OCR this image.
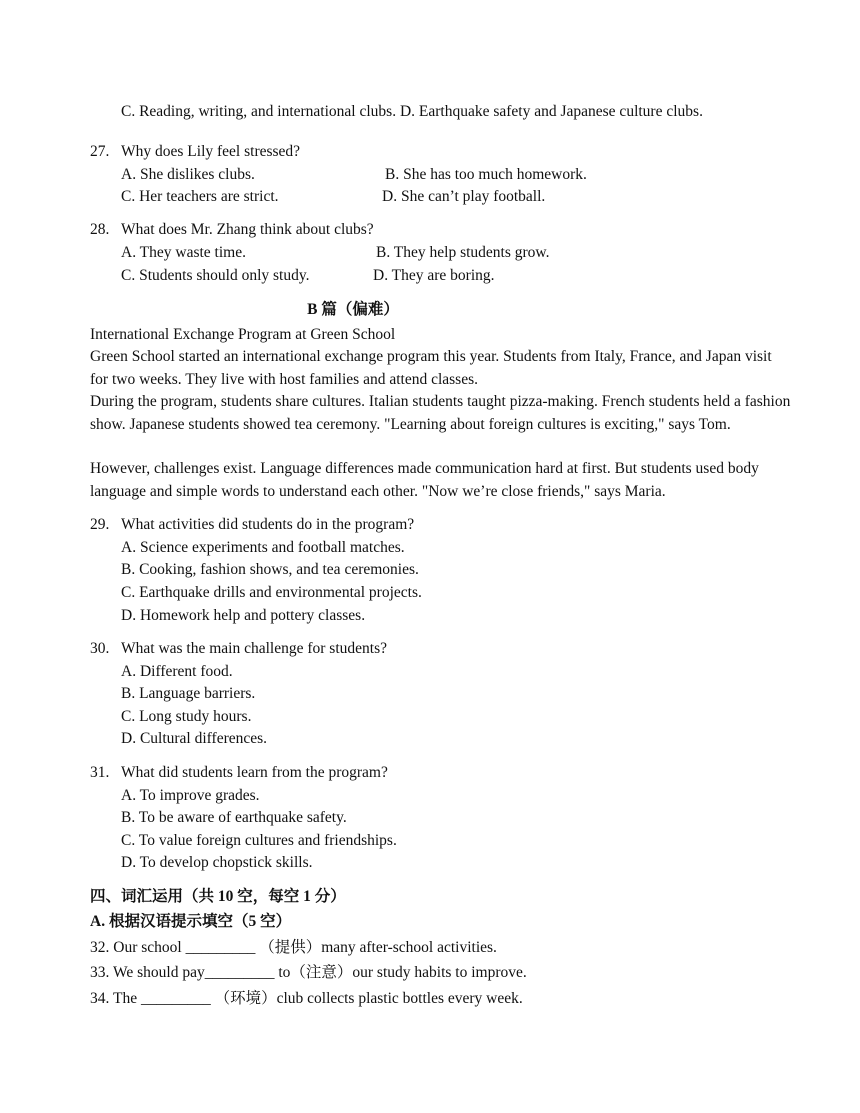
C. Reading, writing, and international clubs. D. Earthquake safety and Japanese culture clubs.
27. Why does Lily feel stressed?
A. She dislikes clubs.	B. She has too much homework.
C. Her teachers are strict.	D. She can’t play football.
28. What does Mr. Zhang think about clubs?
A. They waste time.	B. They help students grow.
C. Students should only study.	D. They are boring.
B 篇（偏难）
International Exchange Program at Green School
Green School started an international exchange program this year. Students from Italy, France, and Japan visit for two weeks. They live with host families and attend classes.
During the program, students share cultures. Italian students taught pizza-making. French students held a fashion show. Japanese students showed tea ceremony. "Learning about foreign cultures is exciting," says Tom.
However, challenges exist. Language differences made communication hard at first. But students used body language and simple words to understand each other. "Now we’re close friends," says Maria.
29. What activities did students do in the program?
A. Science experiments and football matches.
B. Cooking, fashion shows, and tea ceremonies.
C. Earthquake drills and environmental projects.
D. Homework help and pottery classes.
30. What was the main challenge for students?
A. Different food.
B. Language barriers.
C. Long study hours.
D. Cultural differences.
31. What did students learn from the program?
A. To improve grades.
B. To be aware of earthquake safety.
C. To value foreign cultures and friendships.
D. To develop chopstick skills.
四、词汇运用（共 10 空，每空 1 分）
A. 根据汉语提示填空（5 空）
32. Our school _________ （提供）many after-school activities.
33. We should pay_________ to（注意）our study habits to improve.
34. The _________ （环境）club collects plastic bottles every week.
